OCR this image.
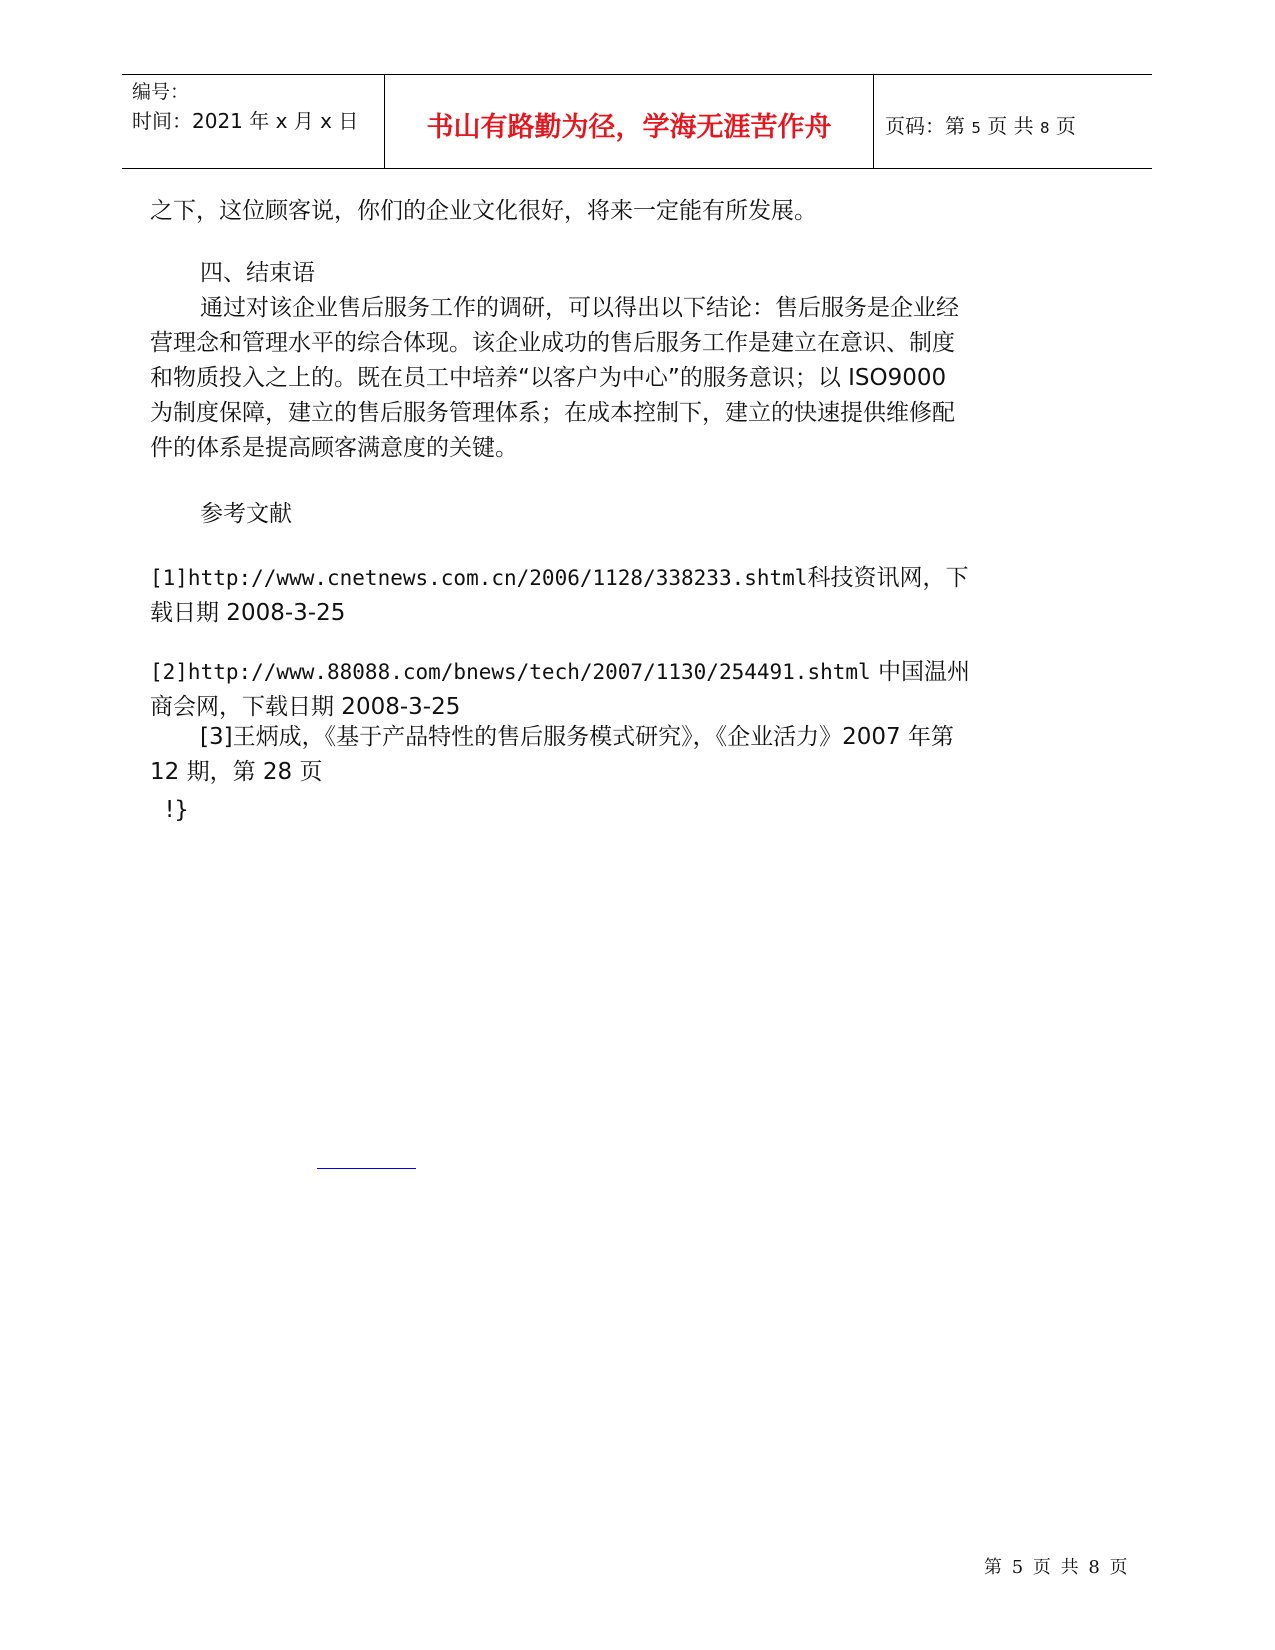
编号：
时间：2021 年 x 月 x 日	书山有路勤为径，学海无涯苦作舟	页码：第 5 页 共 8 页
之下，这位顾客说，你们的企业文化很好，将来一定能有所发展。
四、结束语
通过对该企业售后服务工作的调研，可以得出以下结论：售后服务是企业经营理念和管理水平的综合体现。该企业成功的售后服务工作是建立在意识、制度和物质投入之上的。既在员工中培养“以客户为中心”的服务意识；以 ISO9000 为制度保障，建立的售后服务管理体系；在成本控制下，建立的快速提供维修配件的体系是提高顾客满意度的关键。
参考文献
[1]http://www.cnetnews.com.cn/2006/1128/338233.shtml科技资讯网，下载日期 2008-3-25
[2]http://www.88088.com/bnews/tech/2007/1130/254491.shtml 中国温州商会网，下载日期 2008-3-25
[3]王炳成，《基于产品特性的售后服务模式研究》，《企业活力》2007 年第 12 期，第 28 页
!}
第 5 页 共 8 页
